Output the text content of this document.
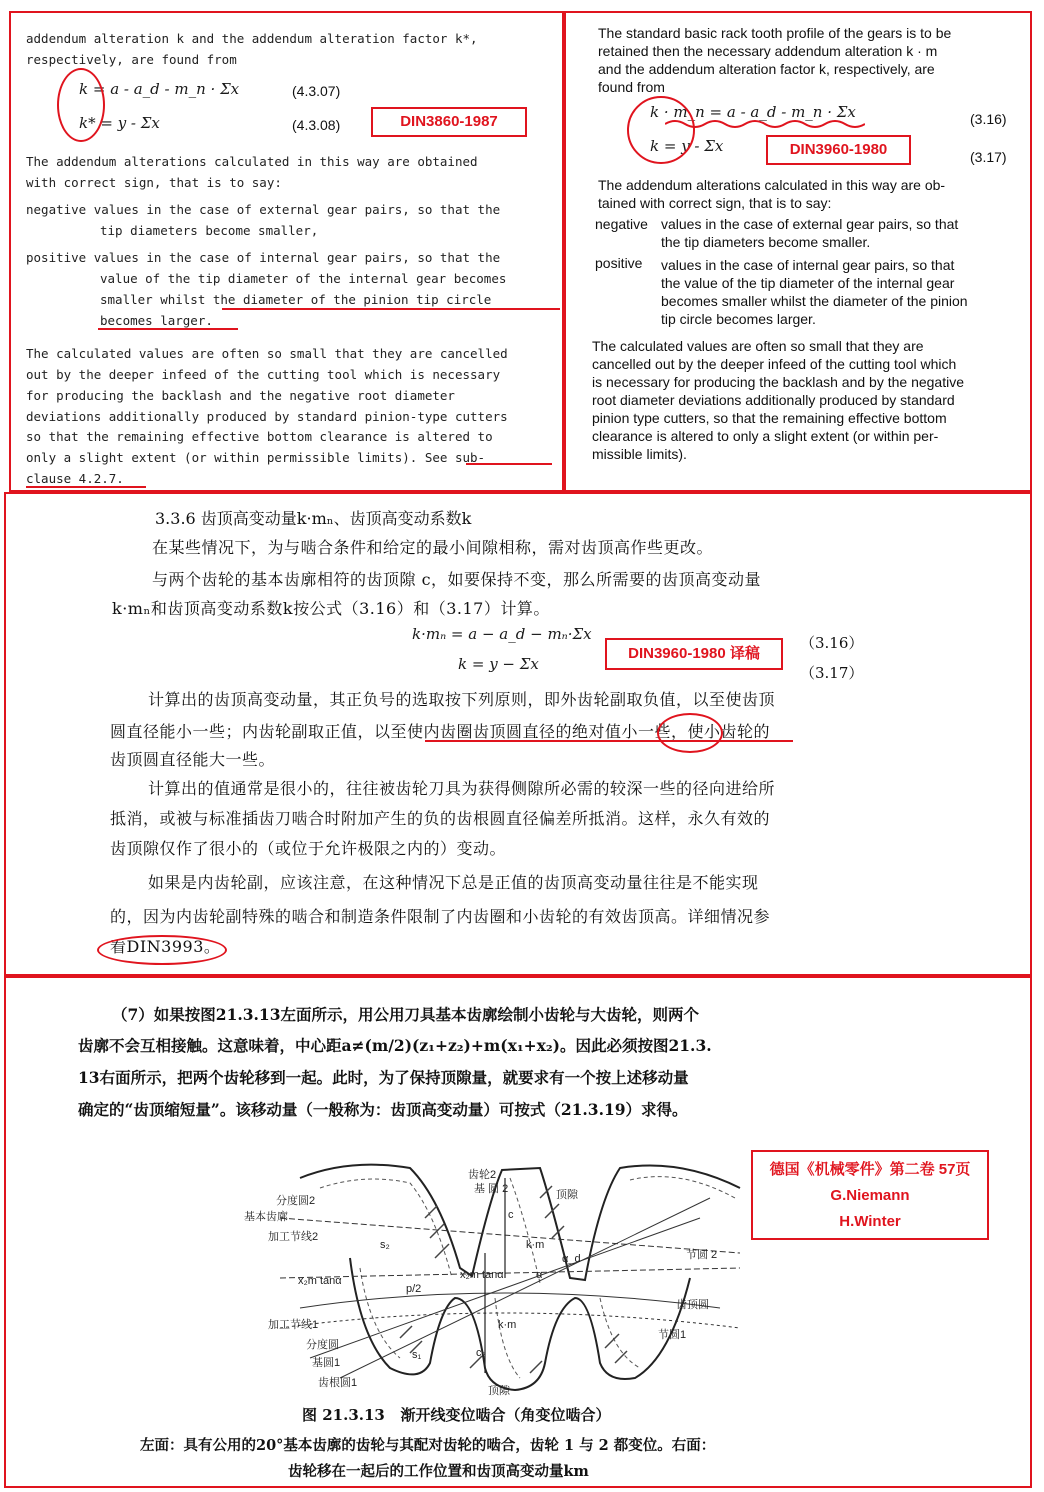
addendum alteration k and the addendum alteration factor k*,

respectively, are found from

k = a - a_d - m_n · Σx	(4.3.07)
k* = y - Σx	(4.3.08)	DIN3860-1987

The addendum alterations calculated in this way are obtained

with correct sign, that is to say:

negative values in the case of external gear pairs, so that the

tip diameters become smaller,

positive values in the case of internal gear pairs, so that the

value of the tip diameter of the internal gear becomes

smaller whilst the diameter of the pinion tip circle

becomes larger.

The calculated values are often so small that they are cancelled

out by the deeper infeed of the cutting tool which is necessary

for producing the backlash and the negative root diameter

deviations additionally produced by standard pinion-type cutters

so that the remaining effective bottom clearance is altered to

only a slight extent (or within permissible limits). See sub-

clause 4.2.7.

The standard basic rack tooth profile of the gears is to be

retained then the necessary addendum alteration k · m

and the addendum alteration factor k, respectively, are

found from

k · m_n = a - a_d - m_n · Σx	(3.16)
k = y - Σx
(3.17)
DIN3960-1980

The addendum alterations calculated in this way are ob-

tained with correct sign, that is to say:

negative values in the case of external gear pairs, so that

the tip diameters become smaller.

positive values in the case of internal gear pairs, so that

the value of the tip diameter of the internal gear

becomes smaller whilst the diameter of the pinion

tip circle becomes larger.

The calculated values are often so small that they are

cancelled out by the deeper infeed of the cutting tool which

is necessary for producing the backlash and by the negative

root diameter deviations additionally produced by standard

pinion type cutters, so that the remaining effective bottom

clearance is altered to only a slight extent (or within per-

missible limits).

3.3.6 齿顶高变动量k·mₙ、齿顶高变动系数k

在某些情况下，为与啮合条件和给定的最小间隙相称，需对齿顶高作些更改。

与两个齿轮的基本齿廓相符的齿顶隙 c，如要保持不变，那么所需要的齿顶高变动量

k·mₙ和齿顶高变动系数k按公式（3.16）和（3.17）计算。

k·mₙ = a − a_d − mₙ·Σx	（3.16）
k = y − Σx	（3.17）
DIN3960-1980 译稿

计算出的齿顶高变动量，其正负号的选取按下列原则，即外齿轮副取负值，以至使齿顶

圆直径能小一些；内齿轮副取正值，以至使内齿圈齿顶圆直径的绝对值小一些，使小齿轮的

齿顶圆直径能大一些。

计算出的值通常是很小的，往往被齿轮刀具为获得侧隙所必需的较深一些的径向进给所

抵消，或被与标准插齿刀啮合时附加产生的负的齿根圆直径偏差所抵消。这样，永久有效的

齿顶隙仅作了很小的（或位于允许极限之内的）变动。

如果是内齿轮副，应该注意，在这种情况下总是正值的齿顶高变动量往往是不能实现

的，因为内齿轮副特殊的啮合和制造条件限制了内齿圈和小齿轮的有效齿顶高。详细情况参

看DIN3993。

（7）如果按图21.3.13左面所示，用公用刀具基本齿廓绘制小齿轮与大齿轮，则两个

齿廓不会互相接触。这意味着，中心距a≠(m/2)(z₁+z₂)+m(x₁+x₂)。因此必须按图21.3.

13右面所示，把两个齿轮移到一起。此时，为了保持顶隙量，就要求有一个按上述移动量

确定的“齿顶缩短量”。该移动量（一般称为：齿顶高变动量）可按式（21.3.19）求得。

德国《机械零件》第二卷 57页
G.Niemann
H.Winter
齿轮2
基 圆 2	顶隙
分度圆2
基本齿廓
加工节线2
节圆 2
加工节线1
分度圆
基圆1
齿根圆1
顶隙
齿顶圆
节圆1
x₂m tanα	x₂m tanα
k·m
k·m
s₂
s₁
c
c₂
p/2
α
α_d

图 21.3.13   渐开线变位啮合（角变位啮合）

左面：具有公用的20°基本齿廓的齿轮与其配对齿轮的啮合，齿轮 1 与 2 都变位。右面：

齿轮移在一起后的工作位置和齿顶高变动量km
